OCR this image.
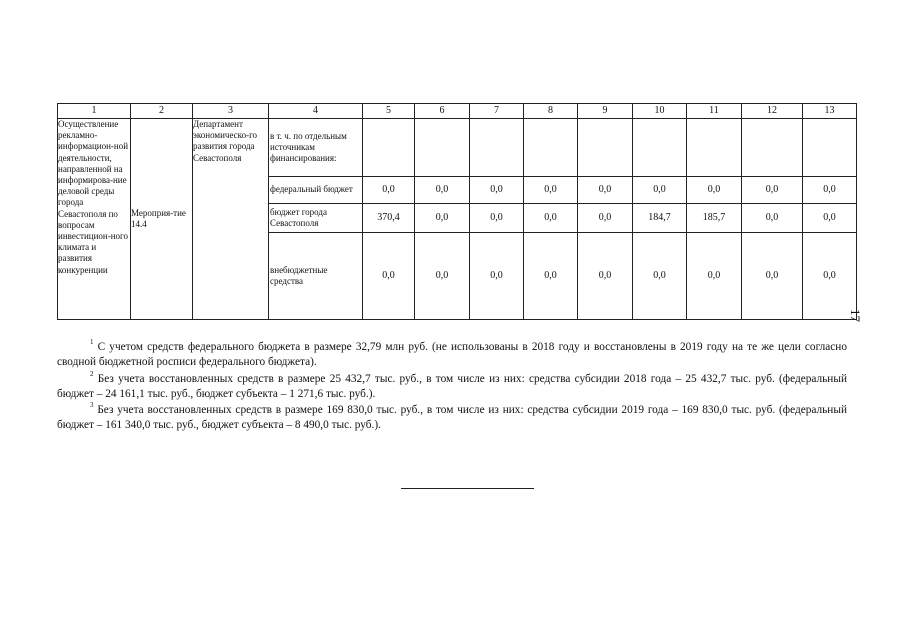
1	2	3	4	5	6	7	8	9	10	11	12	13
Осуществление рекламно-информацион-ной деятельности, направленной на информирова-ние деловой среды города Севастополя по вопросам инвестицион-ного климата и развития конкуренции	Мероприя-тие 14.4	Департамент экономическо-го развития города Севастополя	в т. ч. по отдельным источникам финансирования:									
			федеральный бюджет	0,0	0,0	0,0	0,0	0,0	0,0	0,0	0,0	0,0
			бюджет города Севастополя	370,4	0,0	0,0	0,0	0,0	184,7	185,7	0,0	0,0
			внебюджетные средства	0,0	0,0	0,0	0,0	0,0	0,0	0,0	0,0	0,0
$^1$ С учетом средств федерального бюджета в размере 32,79 млн руб. (не использованы в 2018 году и восстановлены в 2019 году на те же цели согласно сводной бюджетной росписи федерального бюджета).
$^2$ Без учета восстановленных средств в размере 25 432,7 тыс. руб., в том числе из них: средства субсидии 2018 года – 25 432,7 тыс. руб. (федеральный бюджет – 24 161,1 тыс. руб., бюджет субъекта – 1 271,6 тыс. руб.).
$^3$ Без учета восстановленных средств в размере 169 830,0 тыс. руб., в том числе из них: средства субсидии 2019 года – 169 830,0 тыс. руб. (федеральный бюджет – 161 340,0 тыс. руб., бюджет субъекта – 8 490,0 тыс. руб.).
17
